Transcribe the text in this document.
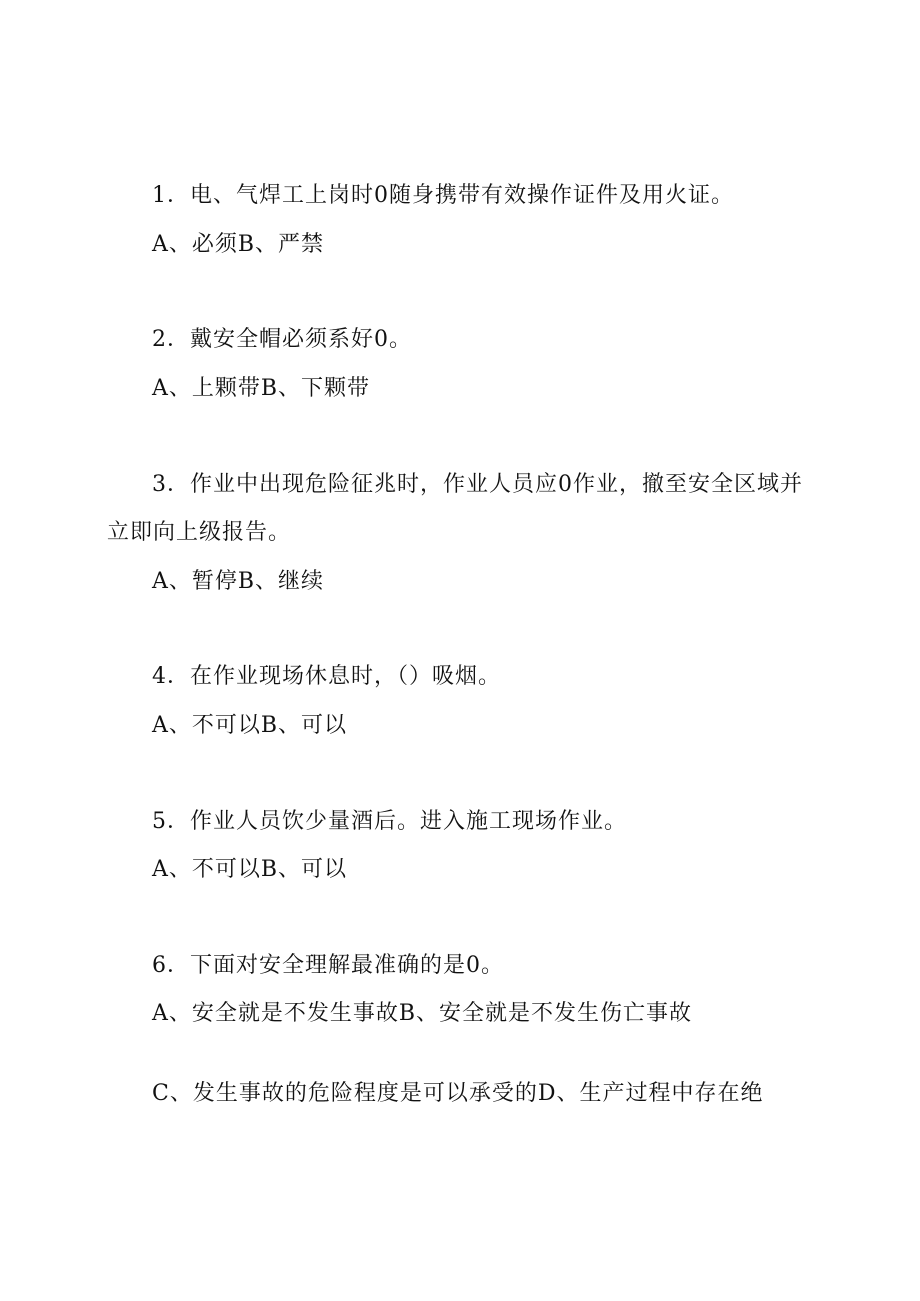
1．电、气焊工上岗时0随身携带有效操作证件及用火证。
A、必须B、严禁
2．戴安全帽必须系好0。
A、上颗带B、下颗带
3．作业中出现危险征兆时，作业人员应0作业，撤至安全区域并
立即向上级报告。
A、暂停B、继续
4．在作业现场休息时，（）吸烟。
A、不可以B、可以
5．作业人员饮少量酒后。进入施工现场作业。
A、不可以B、可以
6．下面对安全理解最准确的是0。
A、安全就是不发生事故B、安全就是不发生伤亡事故
C、发生事故的危险程度是可以承受的D、生产过程中存在绝
